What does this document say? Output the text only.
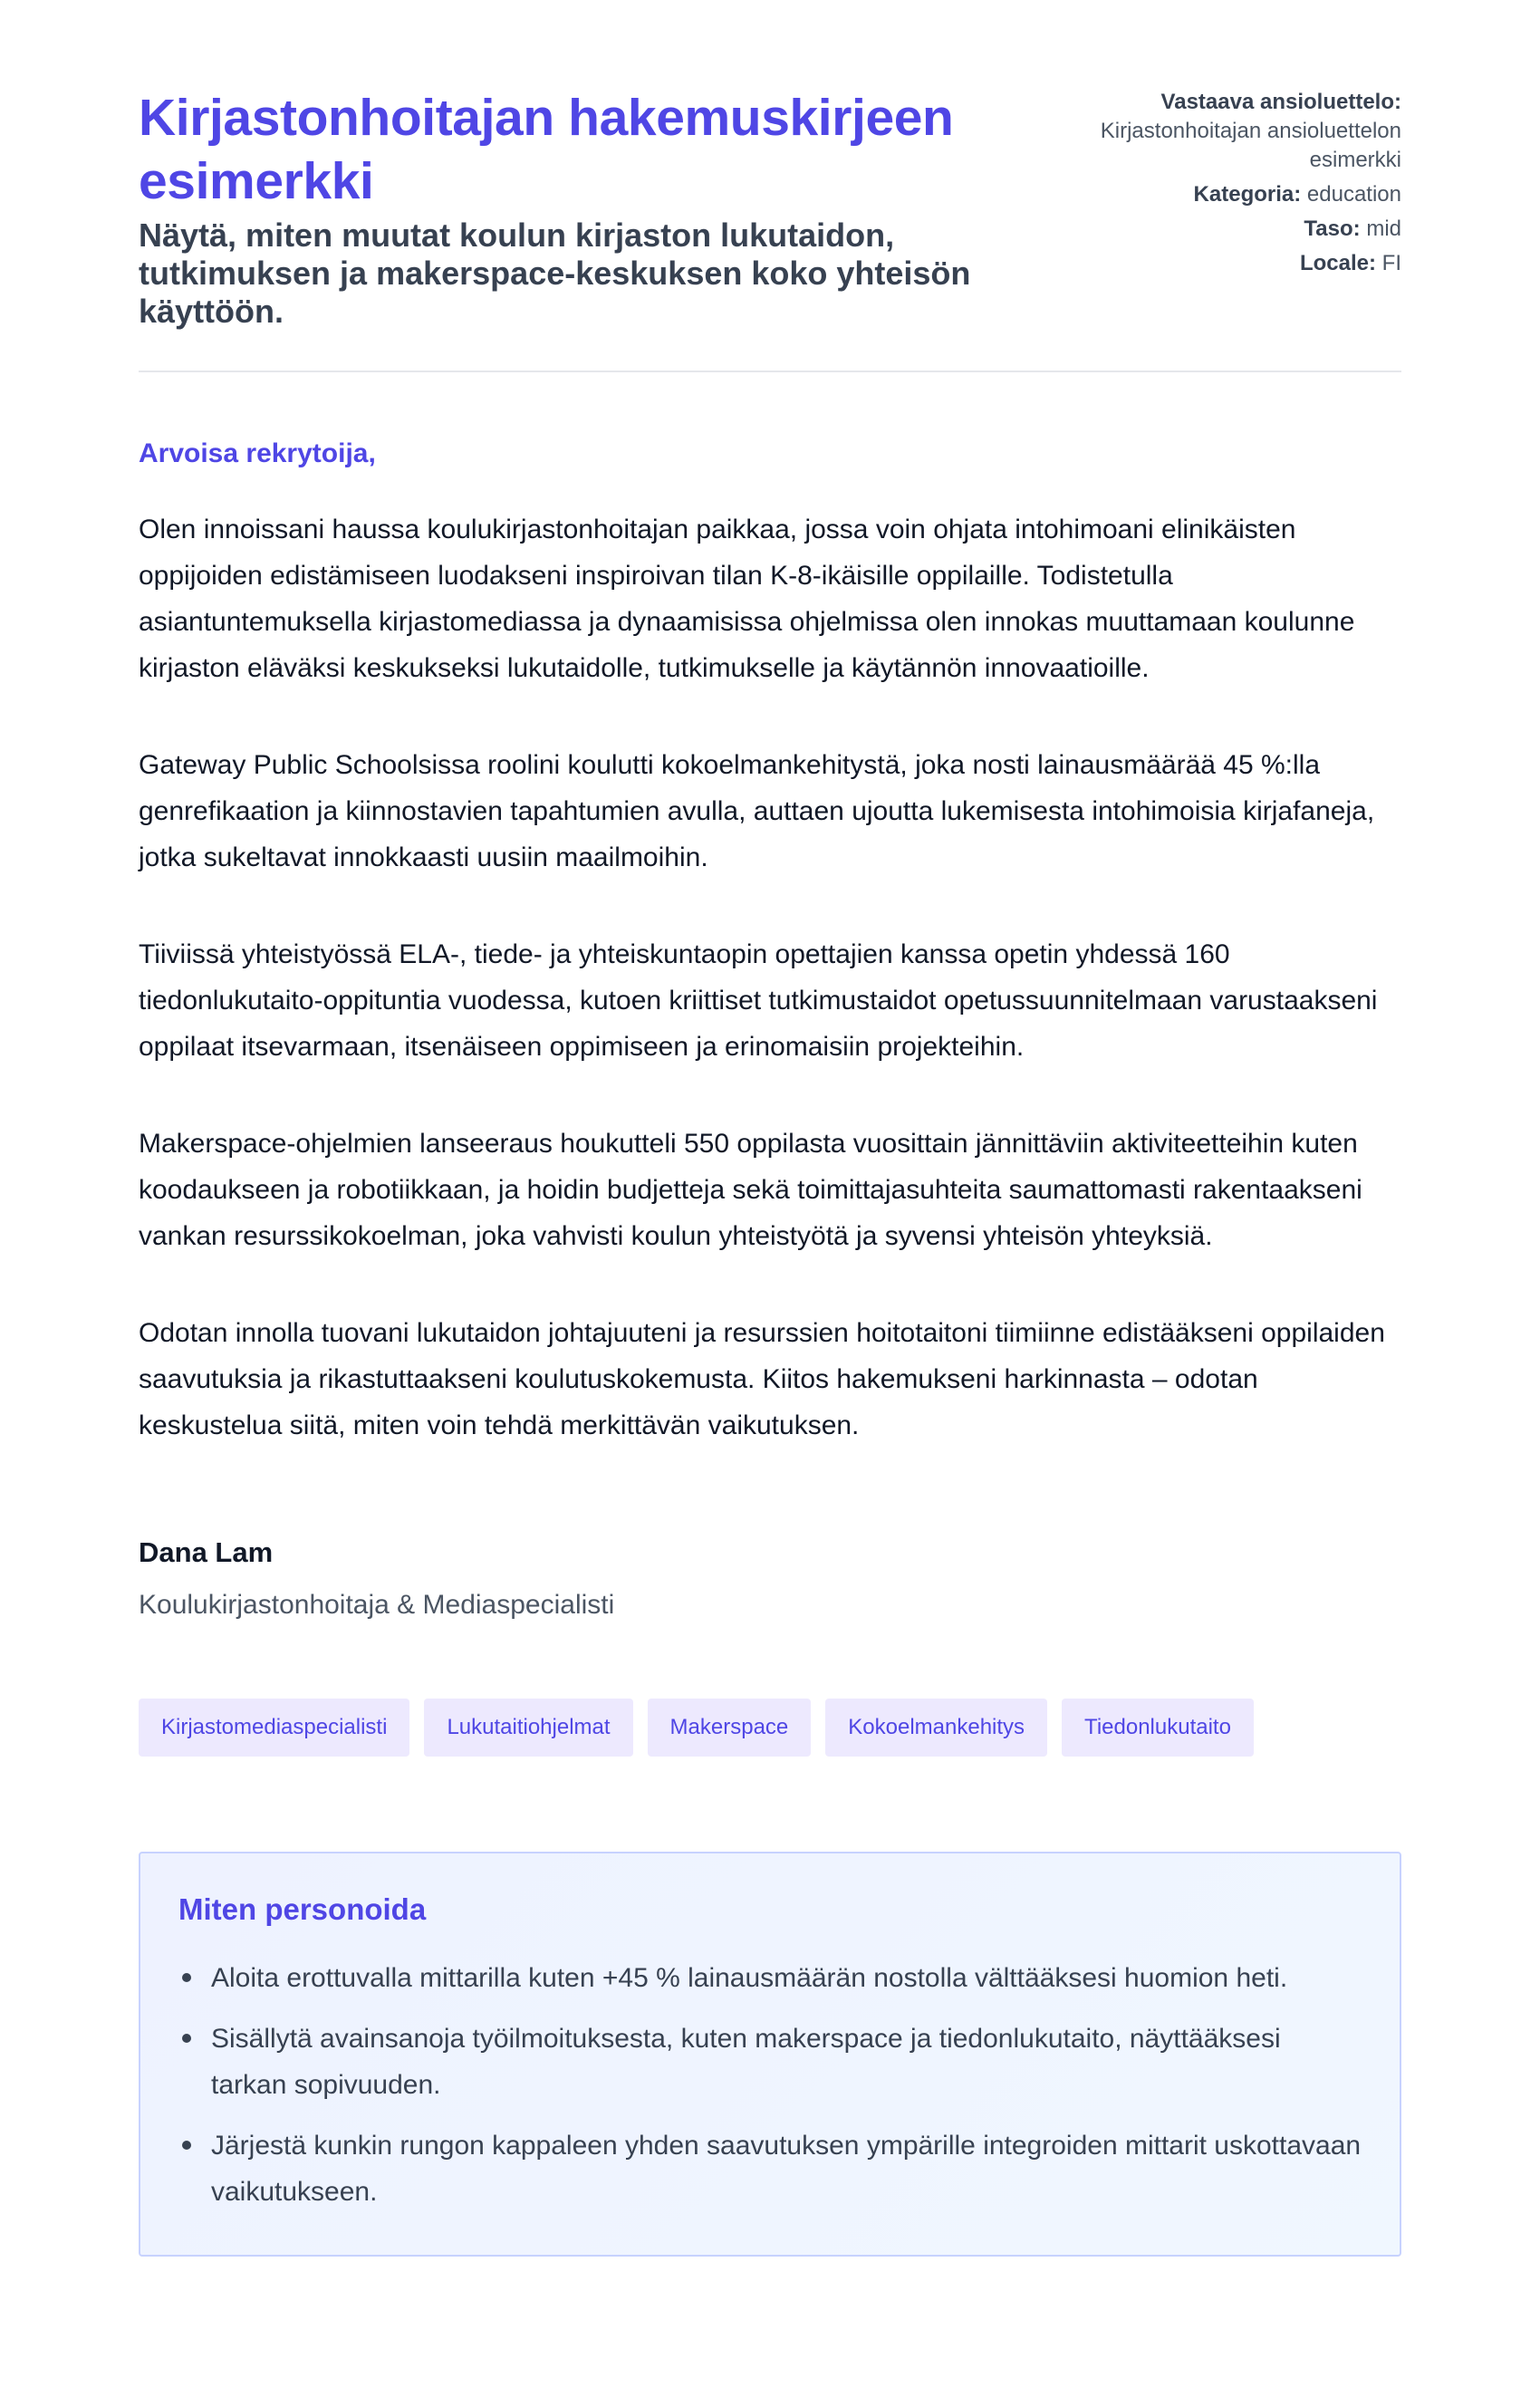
Kirjastonhoitajan hakemuskirjeen esimerkki

Näytä, miten muutat koulun kirjaston lukutaidon, tutkimuksen ja makerspace-keskuksen koko yhteisön käyttöön.

Vastaava ansioluettelo:
Kirjastonhoitajan ansioluettelon esimerkki
Kategoria: education
Taso: mid
Locale: FI

Arvoisa rekrytoija,

Olen innoissani haussa koulukirjastonhoitajan paikkaa, jossa voin ohjata intohimoani elinikäisten oppijoiden edistämiseen luodakseni inspiroivan tilan K-8-ikäisille oppilaille. Todistetulla asiantuntemuksella kirjastomediassa ja dynaamisissa ohjelmissa olen innokas muuttamaan koulunne kirjaston eläväksi keskukseksi lukutaidolle, tutkimukselle ja käytännön innovaatioille.

Gateway Public Schoolsissa roolini koulutti kokoelmankehitystä, joka nosti lainausmäärää 45 %:lla genrefikaation ja kiinnostavien tapahtumien avulla, auttaen ujoutta lukemisesta intohimoisia kirjafaneja, jotka sukeltavat innokkaasti uusiin maailmoihin.

Tiiviissä yhteistyössä ELA-, tiede- ja yhteiskuntaopin opettajien kanssa opetin yhdessä 160 tiedonlukutaito-oppituntia vuodessa, kutoen kriittiset tutkimustaidot opetussuunnitelmaan varustaakseni oppilaat itsevarmaan, itsenäiseen oppimiseen ja erinomaisiin projekteihin.

Makerspace-ohjelmien lanseeraus houkutteli 550 oppilasta vuosittain jännittäviin aktiviteetteihin kuten koodaukseen ja robotiikkaan, ja hoidin budjetteja sekä toimittajasuhteita saumattomasti rakentaakseni vankan resurssikokoelman, joka vahvisti koulun yhteistyötä ja syvensi yhteisön yhteyksiä.

Odotan innolla tuovani lukutaidon johtajuuteni ja resurssien hoitotaitoni tiimiinne edistääkseni oppilaiden saavutuksia ja rikastuttaakseni koulutuskokemusta. Kiitos hakemukseni harkinnasta – odotan keskustelua siitä, miten voin tehdä merkittävän vaikutuksen.

Dana Lam
Koulukirjastonhoitaja & Mediaspecialisti
Kirjastomediaspecialisti	Lukutaitiohjelmat	Makerspace	Kokoelmankehitys	Tiedonlukutaito
Miten personoida
Aloita erottuvalla mittarilla kuten +45 % lainausmäärän nostolla välttääksesi huomion heti.
Sisällytä avainsanoja työilmoituksesta, kuten makerspace ja tiedonlukutaito, näyttääksesi tarkan sopivuuden.
Järjestä kunkin rungon kappaleen yhden saavutuksen ympärille integroiden mittarit uskottavaan vaikutukseen.
